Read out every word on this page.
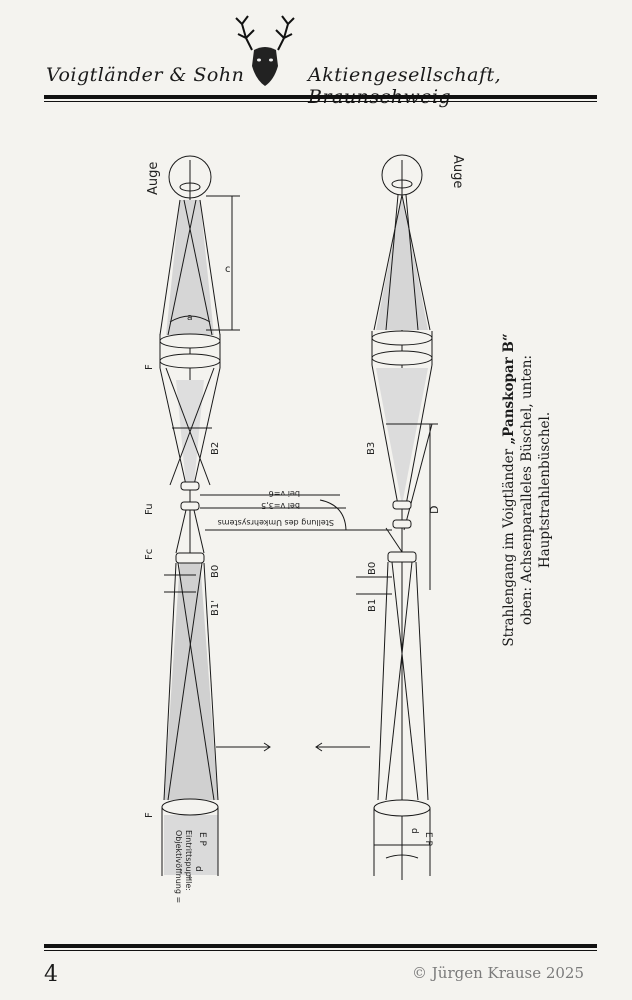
Voigtländer & Sohn	Aktiengesellschaft,
Auge	Auge
c
a
F
B2
Fu
Fc
B0
B1'
F
B3
D
B0
B1
Stellung des Umkehrsystems
bei v=3,5
bei v=6
Objektivöffnung = Eintrittspupille: E P	E P
d
d
Strahlengang im Voigtländer „Panskopar B“ oben: Achsenparalleles Büschel, unten: Hauptstrahlenbüschel.
4	© Jürgen Krause 2025
